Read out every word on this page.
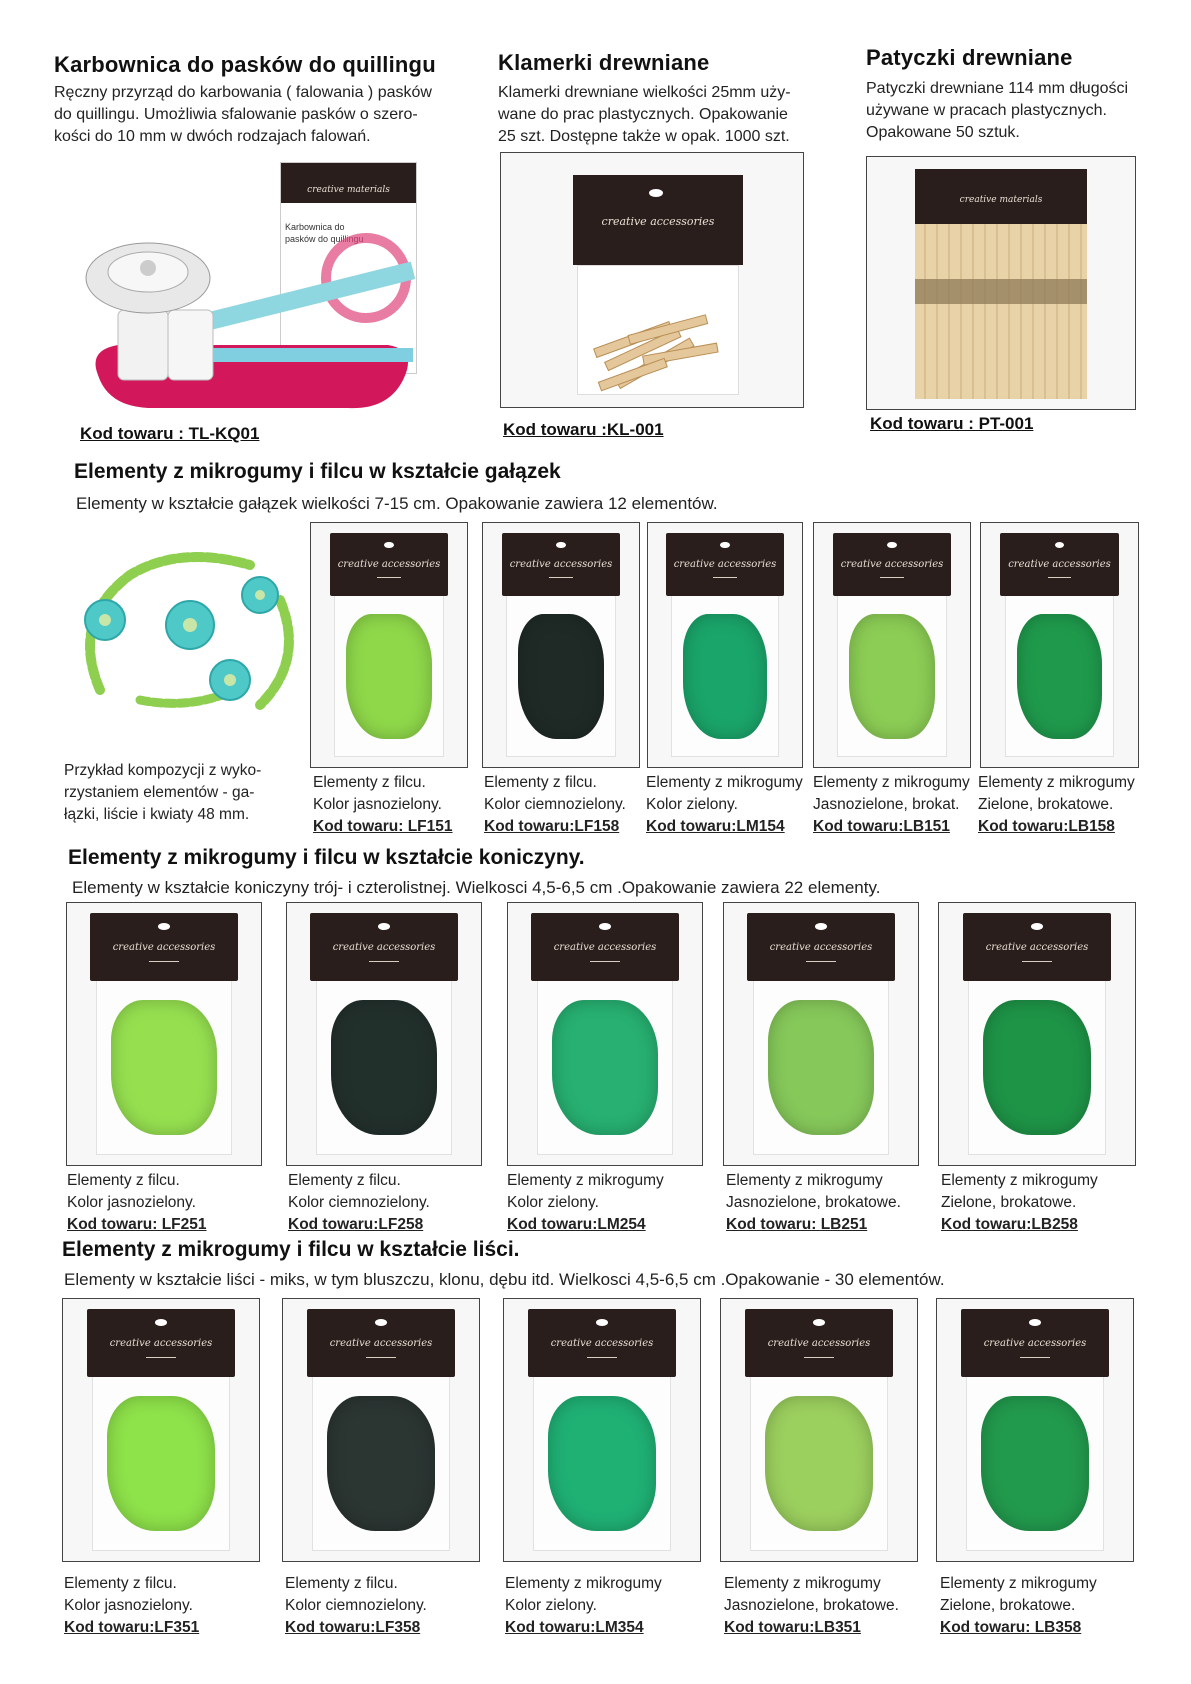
Karbownica do pasków do quillingu
Ręczny przyrząd do karbowania ( falowania ) pasków
do quillingu. Umożliwia sfalowanie pasków o szero-
kości do 10 mm w dwóch rodzajach falowań.
creative materials
Karbownica do pasków do quillingu
Kod towaru : TL-KQ01
Klamerki drewniane
Klamerki drewniane wielkości 25mm uży-
wane do prac plastycznych. Opakowanie
25 szt. Dostępne także w opak. 1000 szt.
creative accessories
Kod towaru :KL-001
Patyczki drewniane
Patyczki drewniane 114 mm długości
używane w pracach plastycznych.
Opakowane 50 sztuk.
creative materials
Kod towaru : PT-001
Elementy z mikrogumy i filcu w kształcie gałązek
Elementy w kształcie gałązek wielkości 7-15 cm. Opakowanie zawiera 12 elementów.
Przykład kompozycji z wyko-
rzystaniem elementów - ga-
łązki, liście i kwiaty 48 mm.
creative accessories
Elementy z filcu.
Kolor jasnozielony.
Kod towaru: LF151
creative accessories
Elementy z filcu.
Kolor ciemnozielony.
Kod towaru:LF158
creative accessories
Elementy z mikrogumy
Kolor zielony.
Kod towaru:LM154
creative accessories
Elementy z mikrogumy
Jasnozielone, brokat.
Kod towaru:LB151
creative accessories
Elementy z mikrogumy
Zielone, brokatowe.
Kod towaru:LB158
Elementy z mikrogumy i filcu w kształcie koniczyny.
Elementy w kształcie koniczyny trój- i czterolistnej. Wielkosci 4,5-6,5 cm .Opakowanie zawiera 22 elementy.
creative accessories
Elementy z filcu.
Kolor jasnozielony.
Kod towaru: LF251
creative accessories
Elementy z filcu.
Kolor ciemnozielony.
Kod towaru:LF258
creative accessories
Elementy z mikrogumy
Kolor zielony.
Kod towaru:LM254
creative accessories
Elementy z mikrogumy
Jasnozielone, brokatowe.
Kod towaru: LB251
creative accessories
Elementy z mikrogumy
Zielone, brokatowe.
Kod towaru:LB258
Elementy z mikrogumy i filcu w kształcie liści.
Elementy w kształcie liści - miks, w tym bluszczu, klonu, dębu itd. Wielkosci 4,5-6,5 cm .Opakowanie - 30 elementów.
creative accessories
Elementy z filcu.
Kolor jasnozielony.
Kod towaru:LF351
creative accessories
Elementy z filcu.
Kolor ciemnozielony.
Kod towaru:LF358
creative accessories
Elementy z mikrogumy
Kolor zielony.
Kod towaru:LM354
creative accessories
Elementy z mikrogumy
Jasnozielone, brokatowe.
Kod towaru:LB351
creative accessories
Elementy z mikrogumy
Zielone, brokatowe.
Kod towaru: LB358
